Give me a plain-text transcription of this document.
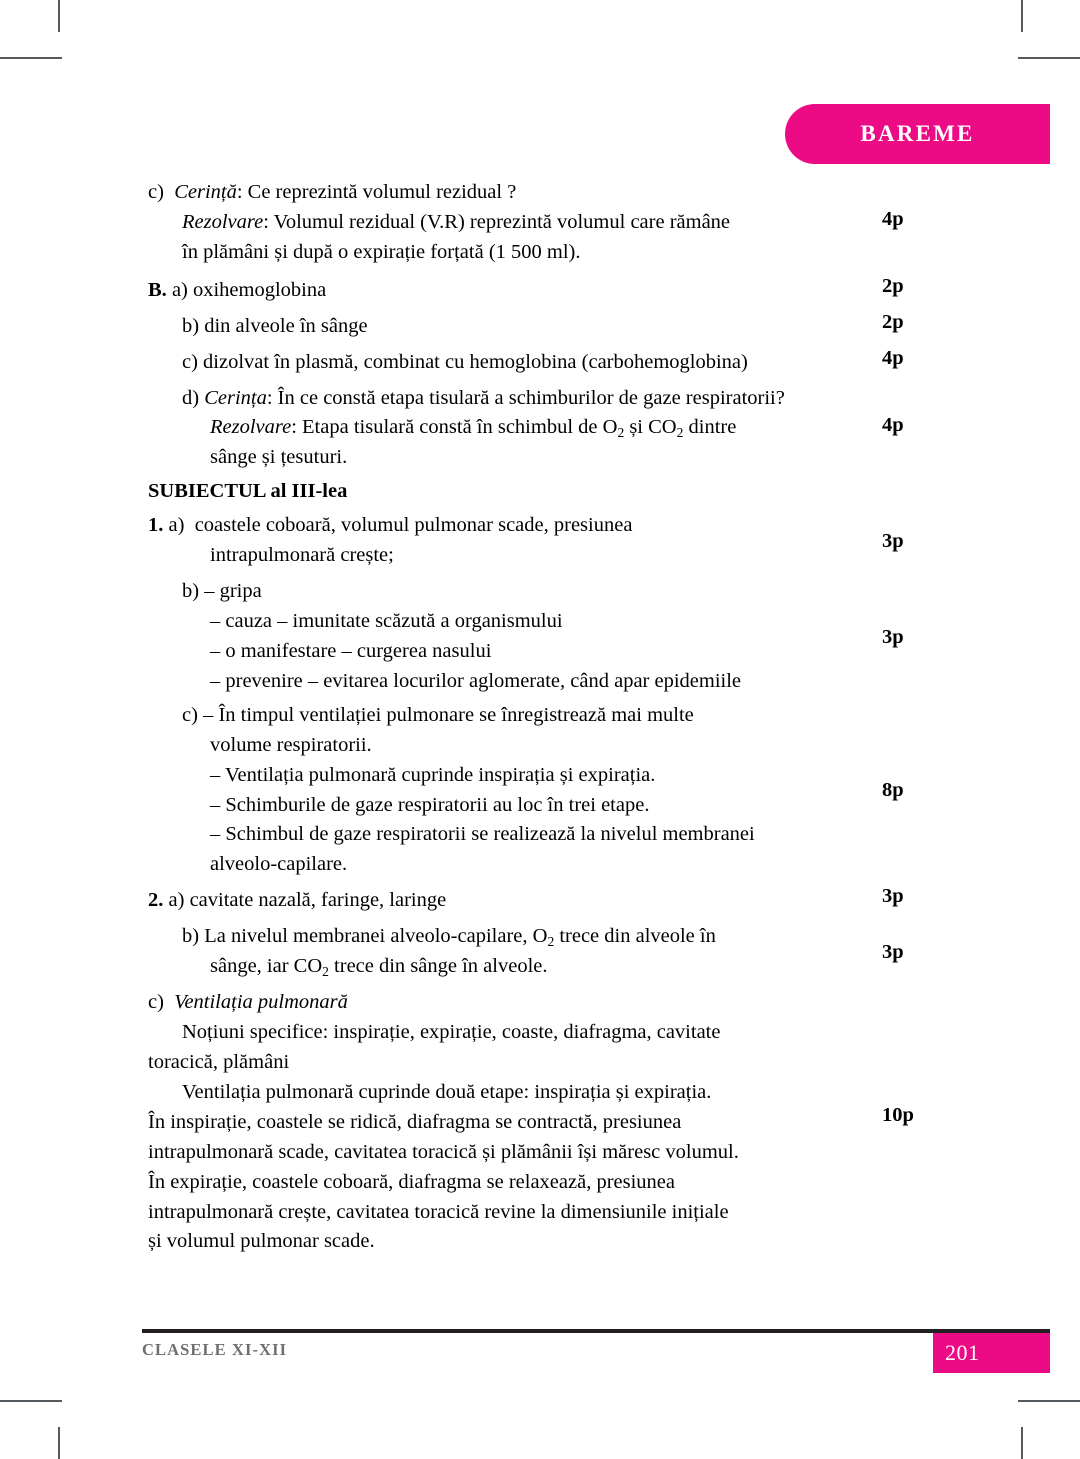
BAREME
c) Cerință: Ce reprezintă volumul rezidual ?
Rezolvare: Volumul rezidual (V.R) reprezintă volumul care rămâne
în plămâni și după o expirație forțată (1 500 ml).
4p
B. a) oxihemoglobina	2p
b) din alveole în sânge	2p
c) dizolvat în plasmă, combinat cu hemoglobina (carbohemoglobina)	4p
d) Cerința: În ce constă etapa tisulară a schimburilor de gaze respiratorii?
Rezolvare: Etapa tisulară constă în schimbul de $O_2$ și $CO_2$ dintre
sânge și țesuturi.
4p
SUBIECTUL al III-lea
1. a) coastele coboară, volumul pulmonar scade, presiunea
intrapulmonară crește;
3p
b) – gripa
– cauza – imunitate scăzută a organismului
– o manifestare – curgerea nasului
– prevenire – evitarea locurilor aglomerate, când apar epidemiile
3p
c) – În timpul ventilației pulmonare se înregistrează mai multe
volume respiratorii.
– Ventilația pulmonară cuprinde inspirația și expirația.
– Schimburile de gaze respiratorii au loc în trei etape.
– Schimbul de gaze respiratorii se realizează la nivelul membranei
alveolo-capilare.
8p
2. a) cavitate nazală, faringe, laringe	3p
b) La nivelul membranei alveolo-capilare, $O_2$ trece din alveole în
sânge, iar $CO_2$ trece din sânge în alveole.
3p
c) Ventilația pulmonară
Noțiuni specifice: inspirație, expirație, coaste, diafragma, cavitate
toracică, plămâni
Ventilația pulmonară cuprinde două etape: inspirația și expirația.
În inspirație, coastele se ridică, diafragma se contractă, presiunea
intrapulmonară scade, cavitatea toracică și plămânii își măresc volumul.
În expirație, coastele coboară, diafragma se relaxează, presiunea
intrapulmonară crește, cavitatea toracică revine la dimensiunile inițiale
și volumul pulmonar scade.
10p
CLASELE XI-XII	201
